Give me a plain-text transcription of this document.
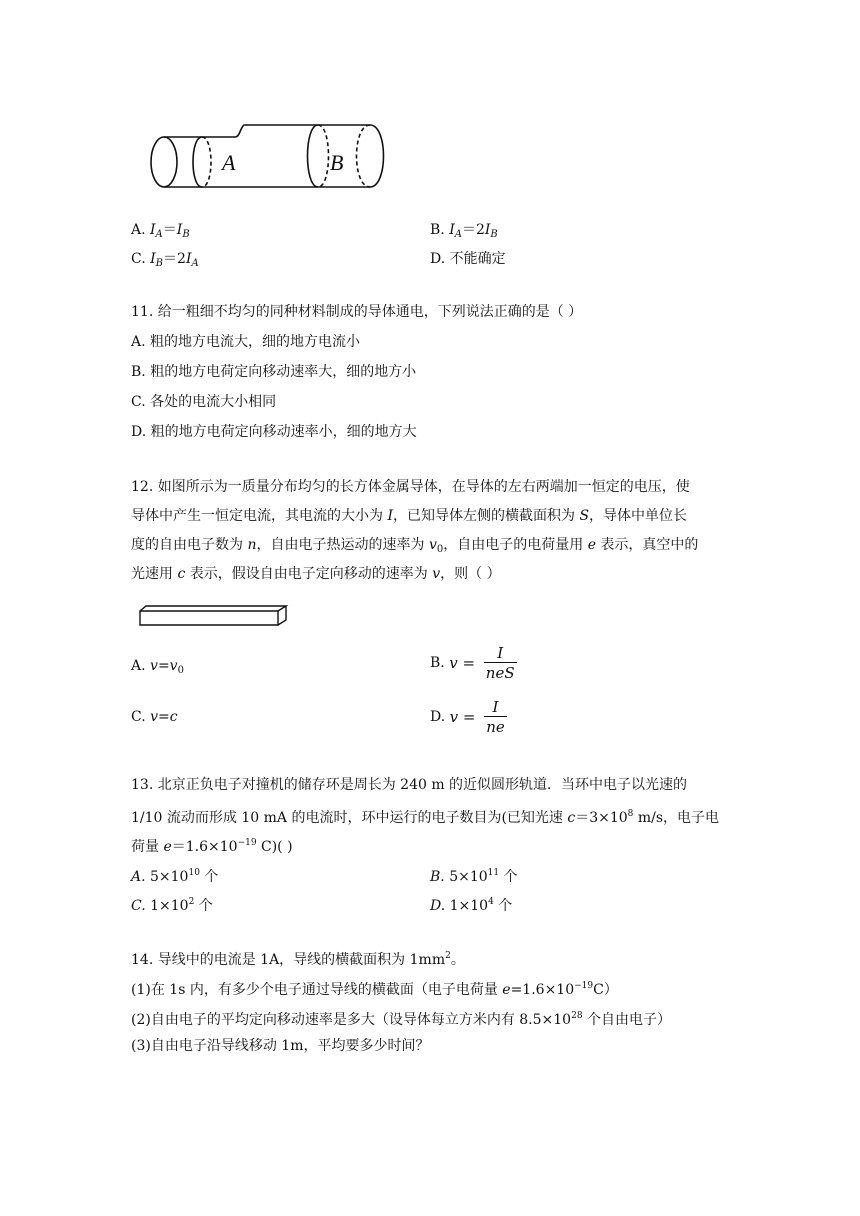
A	B
A. $I_A=I_B$	B. $I_A=2I_B$
C. $I_B=2I_A$	D. 不能确定
11. 给一粗细不均匀的同种材料制成的导体通电，下列说法正确的是（ ）
A. 粗的地方电流大，细的地方电流小
B. 粗的地方电荷定向移动速率大，细的地方小
C. 各处的电流大小相同
D. 粗的地方电荷定向移动速率小，细的地方大
12. 如图所示为一质量分布均匀的长方体金属导体，在导体的左右两端加一恒定的电压，使
导体中产生一恒定电流，其电流的大小为 I，已知导体左侧的横截面积为 S，导体中单位长
度的自由电子数为 n，自由电子热运动的速率为 $v_0$，自由电子的电荷量用 e 表示，真空中的
光速用 c 表示，假设自由电子定向移动的速率为 v，则（ ）
A. $v=v_0$	B. $v = \frac{I}{\text{neS}}$
C. v=c	D. $v = \frac{I}{ne}$
13. 北京正负电子对撞机的储存环是周长为 240 m 的近似圆形轨道．当环中电子以光速的
1/10 流动而形成 10 mA 的电流时，环中运行的电子数目为(已知光速 $c=3\times 10^8$ m/s，电子电
荷量 $e=1.6\times 10^{-19}$ C)( )
A. $5\times 10^{10}$ 个	B. $5\times 10^{11}$ 个
C. $1\times 10^2$ 个	D. $1\times 10^4$ 个
14. 导线中的电流是 1A，导线的横截面积为 $1mm^2$。
(1)在 1s 内，有多少个电子通过导线的横截面（电子电荷量 $e=1.6\times 10^{-19}C$）
(2)自由电子的平均定向移动速率是多大（设导体每立方米内有 $8.5\times 10^{28}$ 个自由电子）
(3)自由电子沿导线移动 1m，平均要多少时间？
